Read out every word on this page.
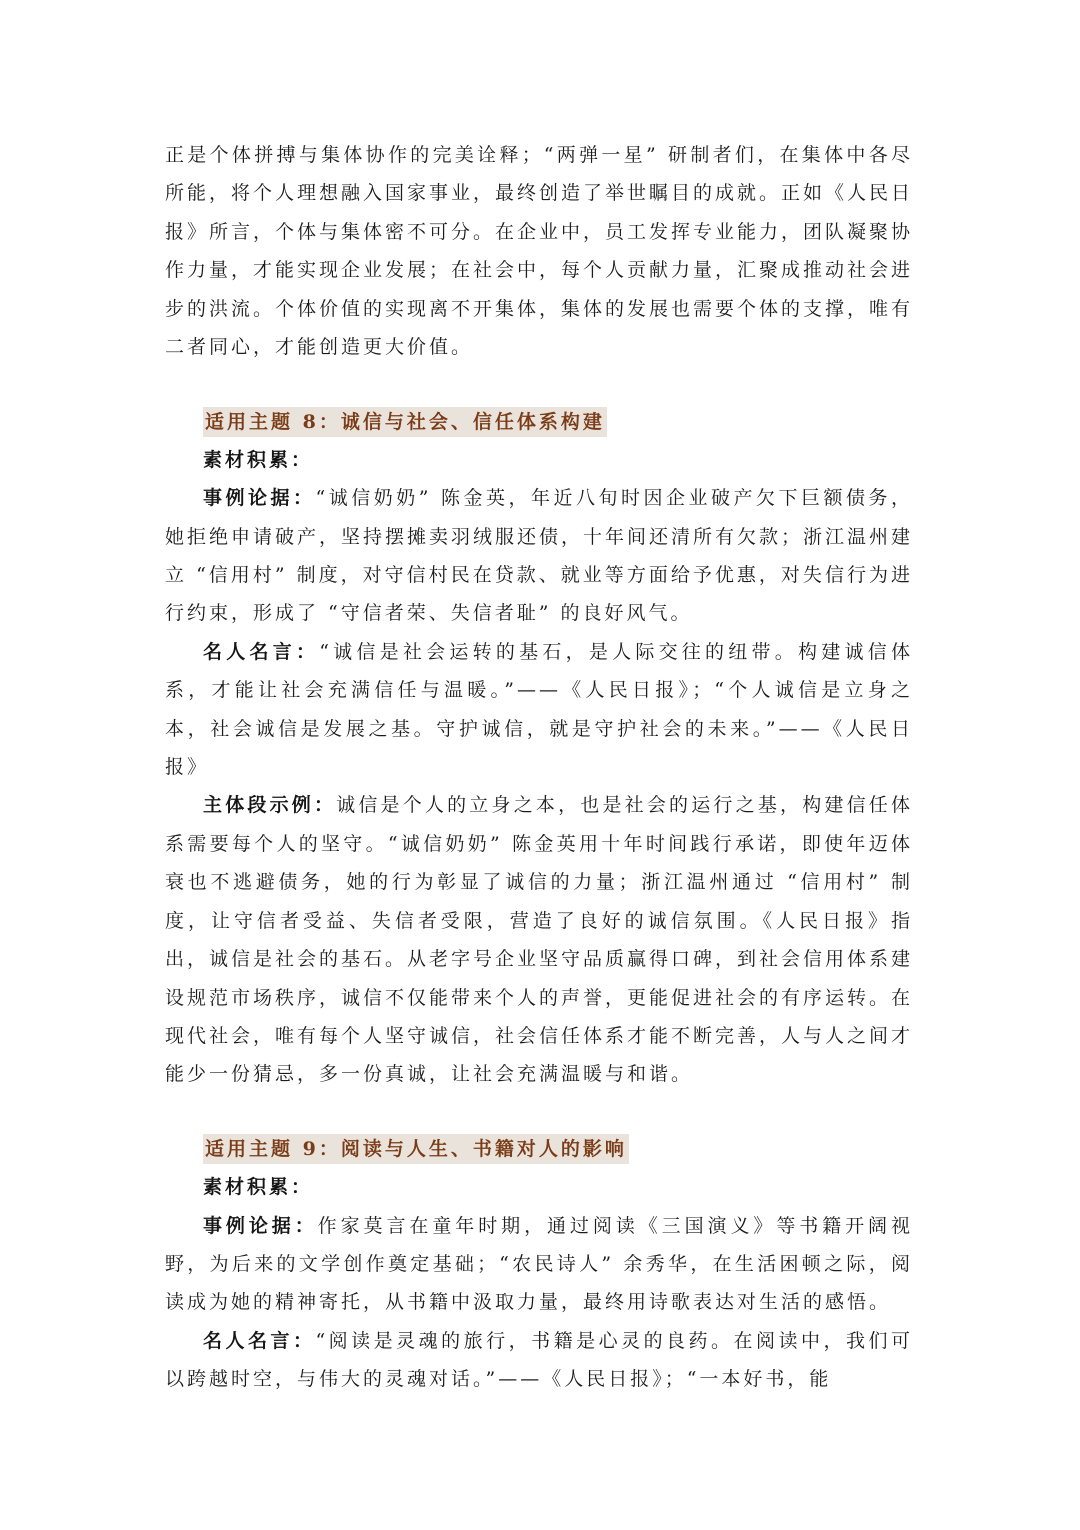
正是个体拼搏与集体协作的完美诠释；“两弹一星” 研制者们，在集体中各尽所能，将个人理想融入国家事业，最终创造了举世瞩目的成就。正如《人民日报》所言，个体与集体密不可分。在企业中，员工发挥专业能力，团队凝聚协作力量，才能实现企业发展；在社会中，每个人贡献力量，汇聚成推动社会进步的洪流。个体价值的实现离不开集体，集体的发展也需要个体的支撑，唯有二者同心，才能创造更大价值。

适用主题 8：诚信与社会、信任体系构建

素材积累：

事例论据：“诚信奶奶” 陈金英，年近八旬时因企业破产欠下巨额债务，她拒绝申请破产，坚持摆摊卖羽绒服还债，十年间还清所有欠款；浙江温州建立 “信用村” 制度，对守信村民在贷款、就业等方面给予优惠，对失信行为进行约束，形成了 “守信者荣、失信者耻” 的良好风气。

名人名言：“诚信是社会运转的基石，是人际交往的纽带。构建诚信体系，才能让社会充满信任与温暖。”——《人民日报》；“个人诚信是立身之本，社会诚信是发展之基。守护诚信，就是守护社会的未来。”——《人民日报》

主体段示例：诚信是个人的立身之本，也是社会的运行之基，构建信任体系需要每个人的坚守。“诚信奶奶” 陈金英用十年时间践行承诺，即使年迈体衰也不逃避债务，她的行为彰显了诚信的力量；浙江温州通过 “信用村” 制度，让守信者受益、失信者受限，营造了良好的诚信氛围。《人民日报》指出，诚信是社会的基石。从老字号企业坚守品质赢得口碑，到社会信用体系建设规范市场秩序，诚信不仅能带来个人的声誉，更能促进社会的有序运转。在现代社会，唯有每个人坚守诚信，社会信任体系才能不断完善，人与人之间才能少一份猜忌，多一份真诚，让社会充满温暖与和谐。

适用主题 9：阅读与人生、书籍对人的影响

素材积累：

事例论据：作家莫言在童年时期，通过阅读《三国演义》等书籍开阔视野，为后来的文学创作奠定基础；“农民诗人” 余秀华，在生活困顿之际，阅读成为她的精神寄托，从书籍中汲取力量，最终用诗歌表达对生活的感悟。

名人名言：“阅读是灵魂的旅行，书籍是心灵的良药。在阅读中，我们可以跨越时空，与伟大的灵魂对话。”——《人民日报》；“一本好书，能
